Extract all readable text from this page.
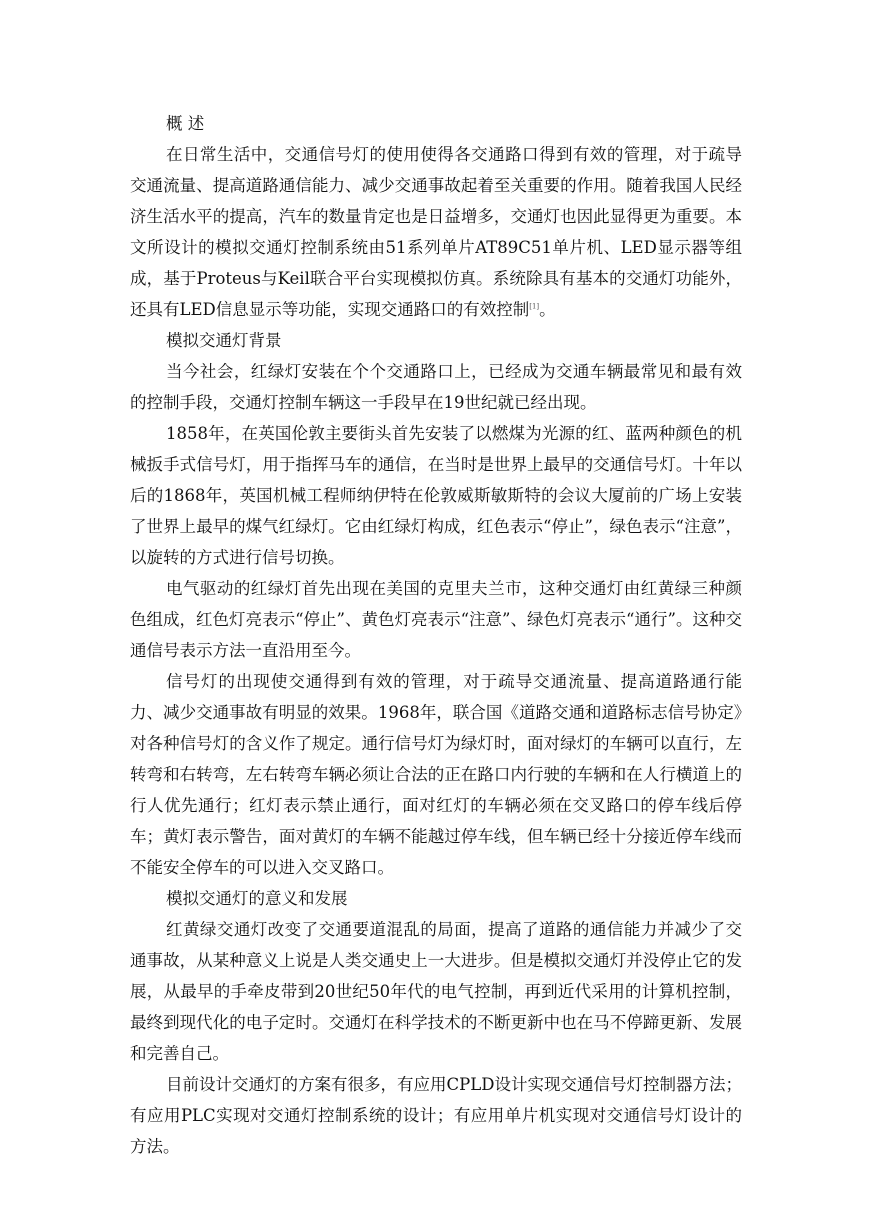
概 述

在日常生活中，交通信号灯的使用使得各交通路口得到有效的管理，对于疏导交通流量、提高道路通信能力、减少交通事故起着至关重要的作用。随着我国人民经济生活水平的提高，汽车的数量肯定也是日益增多，交通灯也因此显得更为重要。本文所设计的模拟交通灯控制系统由51系列单片AT89C51单片机、LED显示器等组成，基于Proteus与Keil联合平台实现模拟仿真。系统除具有基本的交通灯功能外，还具有LED信息显示等功能，实现交通路口的有效控制[1]。

模拟交通灯背景

当今社会，红绿灯安装在个个交通路口上，已经成为交通车辆最常见和最有效的控制手段，交通灯控制车辆这一手段早在19世纪就已经出现。

1858年，在英国伦敦主要街头首先安装了以燃煤为光源的红、蓝两种颜色的机械扳手式信号灯，用于指挥马车的通信，在当时是世界上最早的交通信号灯。十年以后的1868年，英国机械工程师纳伊特在伦敦威斯敏斯特的会议大厦前的广场上安装了世界上最早的煤气红绿灯。它由红绿灯构成，红色表示“停止”，绿色表示“注意”，以旋转的方式进行信号切换。

电气驱动的红绿灯首先出现在美国的克里夫兰市，这种交通灯由红黄绿三种颜色组成，红色灯亮表示“停止”、黄色灯亮表示“注意”、绿色灯亮表示“通行”。这种交通信号表示方法一直沿用至今。

信号灯的出现使交通得到有效的管理，对于疏导交通流量、提高道路通行能力、减少交通事故有明显的效果。1968年，联合国《道路交通和道路标志信号协定》对各种信号灯的含义作了规定。通行信号灯为绿灯时，面对绿灯的车辆可以直行，左转弯和右转弯，左右转弯车辆必须让合法的正在路口内行驶的车辆和在人行横道上的行人优先通行；红灯表示禁止通行，面对红灯的车辆必须在交叉路口的停车线后停车；黄灯表示警告，面对黄灯的车辆不能越过停车线，但车辆已经十分接近停车线而不能安全停车的可以进入交叉路口。

模拟交通灯的意义和发展

红黄绿交通灯改变了交通要道混乱的局面，提高了道路的通信能力并减少了交通事故，从某种意义上说是人类交通史上一大进步。但是模拟交通灯并没停止它的发展，从最早的手牵皮带到20世纪50年代的电气控制，再到近代采用的计算机控制，最终到现代化的电子定时。交通灯在科学技术的不断更新中也在马不停蹄更新、发展和完善自己。

目前设计交通灯的方案有很多，有应用CPLD设计实现交通信号灯控制器方法；有应用PLC实现对交通灯控制系统的设计；有应用单片机实现对交通信号灯设计的方法。
